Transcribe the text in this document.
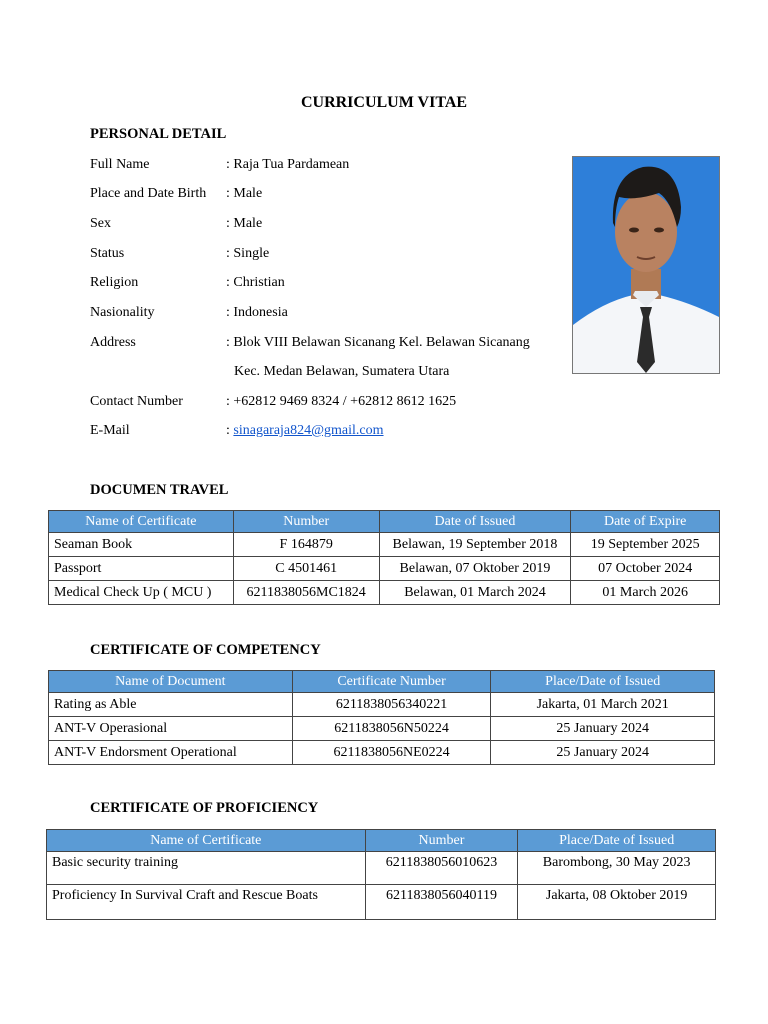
CURRICULUM VITAE
PERSONAL DETAIL
Full Name	: Raja Tua Pardamean
Place and Date Birth : Male
Sex	: Male
Status	: Single
Religion	: Christian
Nasionality	: Indonesia
Address	: Blok VIII Belawan Sicanang Kel. Belawan Sicanang
Kec. Medan Belawan, Sumatera Utara
Contact Number	: +62812 9469 8324 / +62812 8612 1625
E-Mail	: sinagaraja824@gmail.com
DOCUMEN TRAVEL
Name of Certificate	Number	Date of Issued	Date of Expire
Seaman Book	F 164879	Belawan, 19 September 2018	19 September 2025
Passport	C 4501461	Belawan, 07 Oktober 2019	07 October 2024
Medical Check Up ( MCU )	6211838056MC1824	Belawan, 01 March 2024	01 March 2026
CERTIFICATE OF COMPETENCY
Name of Document	Certificate Number	Place/Date of Issued
Rating as Able	6211838056340221	Jakarta, 01 March 2021
ANT-V Operasional	6211838056N50224	25 January 2024
ANT-V Endorsment Operational	6211838056NE0224	25 January 2024
CERTIFICATE OF PROFICIENCY
Name of Certificate	Number	Place/Date of Issued
Basic security training	6211838056010623	Barombong, 30 May 2023
Proficiency In Survival Craft and Rescue Boats	6211838056040119	Jakarta, 08 Oktober 2019
